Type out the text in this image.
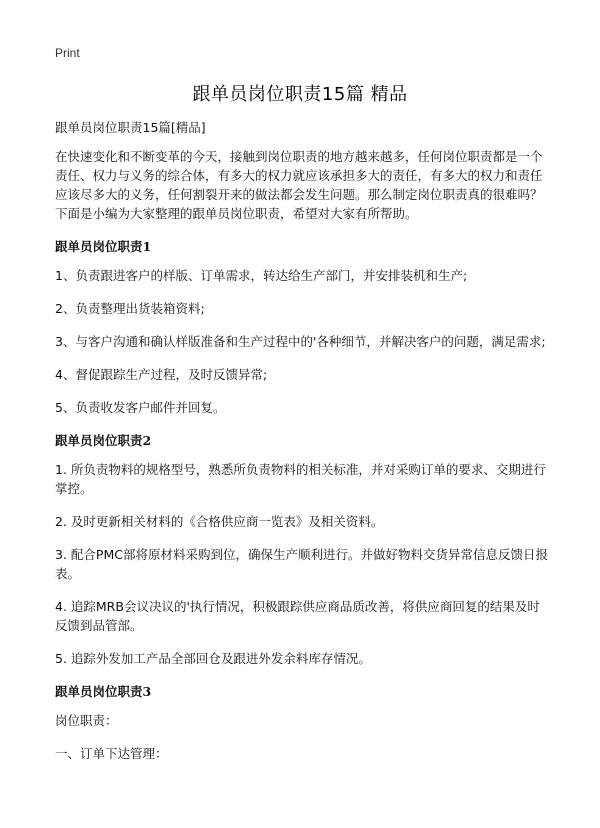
Print
跟单员岗位职责15篇 精品

跟单员岗位职责15篇[精品]

在快速变化和不断变革的今天，接触到岗位职责的地方越来越多，任何岗位职责都是一个责任、权力与义务的综合体，有多大的权力就应该承担多大的责任，有多大的权力和责任应该尽多大的义务，任何割裂开来的做法都会发生问题。那么制定岗位职责真的很难吗？下面是小编为大家整理的跟单员岗位职责，希望对大家有所帮助。

跟单员岗位职责1

1、负责跟进客户的样版、订单需求，转达给生产部门，并安排装机和生产;

2、负责整理出货装箱资料;

3、与客户沟通和确认样版准备和生产过程中的'各种细节，并解决客户的问题，满足需求;

4、督促跟踪生产过程，及时反馈异常;

5、负责收发客户邮件并回复。

跟单员岗位职责2

1. 所负责物料的规格型号，熟悉所负责物料的相关标准，并对采购订单的要求、交期进行掌控。

2. 及时更新相关材料的《合格供应商一览表》及相关资料。

3. 配合PMC部将原材料采购到位，确保生产顺利进行。并做好物料交货异常信息反馈日报表。

4. 追踪MRB会议决议的'执行情况，积极跟踪供应商品质改善，将供应商回复的结果及时反馈到品管部。

5. 追踪外发加工产品全部回仓及跟进外发余料库存情况。

跟单员岗位职责3

岗位职责：

一、订单下达管理：
